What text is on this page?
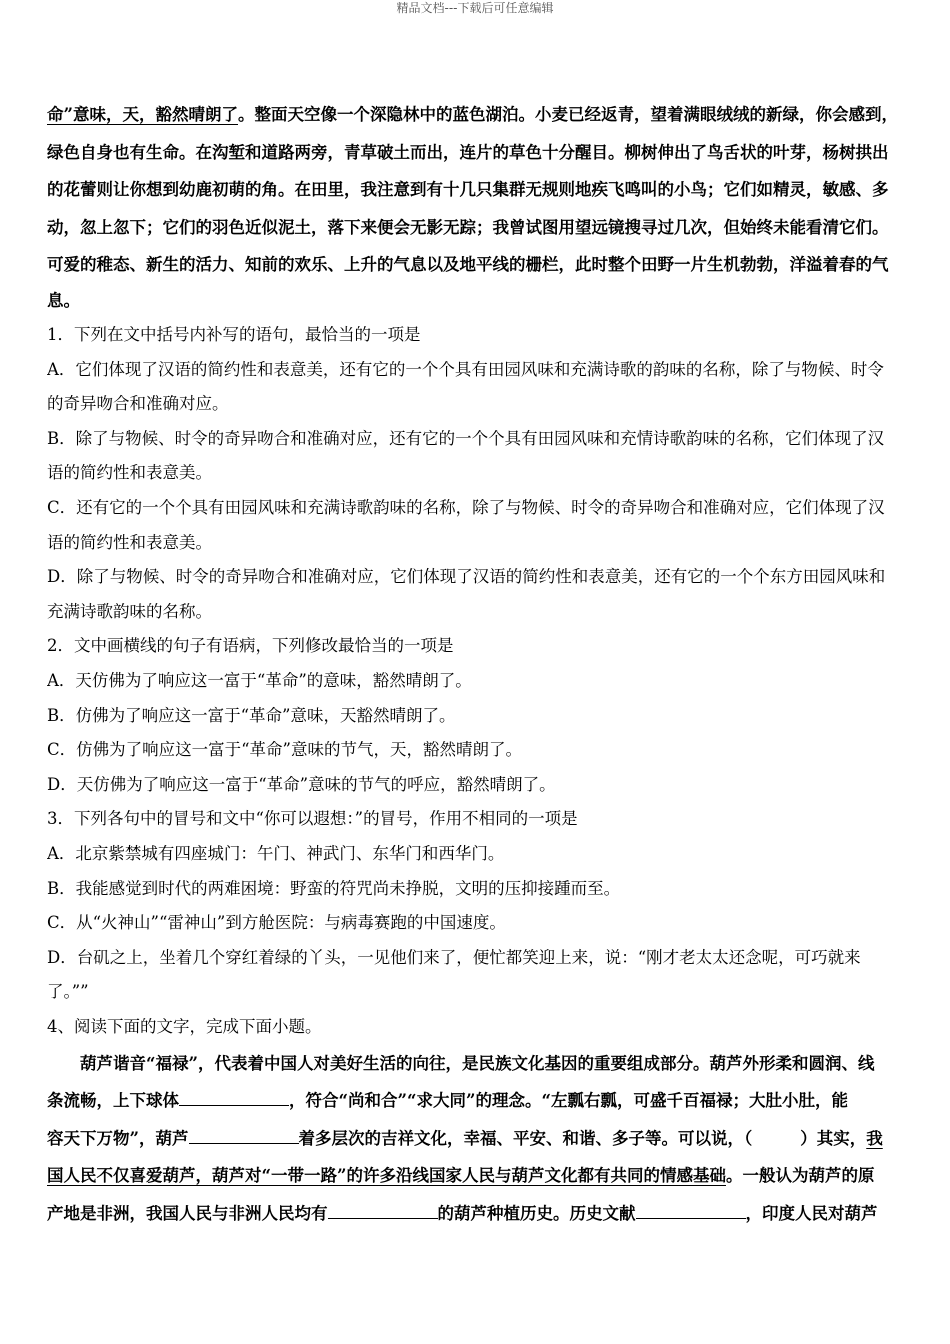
精品文档---下载后可任意编辑
命”意味，天，豁然晴朗了。整面天空像一个深隐林中的蓝色湖泊。小麦已经返青，望着满眼绒绒的新绿，你会感到，
绿色自身也有生命。在沟堑和道路两旁，青草破土而出，连片的草色十分醒目。柳树伸出了鸟舌状的叶芽，杨树拱出
的花蕾则让你想到幼鹿初萌的角。在田里，我注意到有十几只集群无规则地疾飞鸣叫的小鸟；它们如精灵，敏感、多
动，忽上忽下；它们的羽色近似泥土，落下来便会无影无踪；我曾试图用望远镜搜寻过几次，但始终未能看清它们。
可爱的稚态、新生的活力、知前的欢乐、上升的气息以及地平线的栅栏，此时整个田野一片生机勃勃，洋溢着春的气
息。
1．下列在文中括号内补写的语句，最恰当的一项是
A．它们体现了汉语的简约性和表意美，还有它的一个个具有田园风味和充满诗歌的韵味的名称，除了与物候、时令
的奇异吻合和准确对应。
B．除了与物候、时令的奇异吻合和准确对应，还有它的一个个具有田园风味和充情诗歌韵味的名称，它们体现了汉
语的简约性和表意美。
C．还有它的一个个具有田园风味和充满诗歌韵味的名称，除了与物候、时令的奇异吻合和准确对应，它们体现了汉
语的简约性和表意美。
D．除了与物候、时令的奇异吻合和准确对应，它们体现了汉语的简约性和表意美，还有它的一个个东方田园风味和
充满诗歌韵味的名称。
2．文中画横线的句子有语病，下列修改最恰当的一项是
A．天仿佛为了响应这一富于“革命”的意味，豁然晴朗了。
B．仿佛为了响应这一富于“革命”意味，天豁然晴朗了。
C．仿佛为了响应这一富于“革命”意味的节气，天，豁然晴朗了。
D．天仿佛为了响应这一富于“革命”意味的节气的呼应，豁然晴朗了。
3．下列各句中的冒号和文中“你可以遐想：”的冒号，作用不相同的一项是
A．北京紫禁城有四座城门：午门、神武门、东华门和西华门。
B．我能感觉到时代的两难困境：野蛮的符咒尚未挣脱，文明的压抑接踵而至。
C．从“火神山”“雷神山”到方舱医院：与病毒赛跑的中国速度。
D．台矶之上，坐着几个穿红着绿的丫头，一见他们来了，便忙都笑迎上来，说：“刚才老太太还念呢，可巧就来
了。””
4、阅读下面的文字，完成下面小题。
葫芦谐音“福禄”，代表着中国人对美好生活的向往，是民族文化基因的重要组成部分。葫芦外形柔和圆润、线
条流畅，上下球体	，符合“尚和合”“求大同”的理念。“左瓢右瓢，可盛千百福禄；大肚小肚，能
容天下万物”，葫芦	着多层次的吉祥文化，幸福、平安、和谐、多子等。可以说，（	）其实，我
国人民不仅喜爱葫芦，葫芦对“一带一路”的许多沿线国家人民与葫芦文化都有共同的情感基础。一般认为葫芦的原
产地是非洲，我国人民与非洲人民均有	的葫芦种植历史。历史文献	，印度人民对葫芦
